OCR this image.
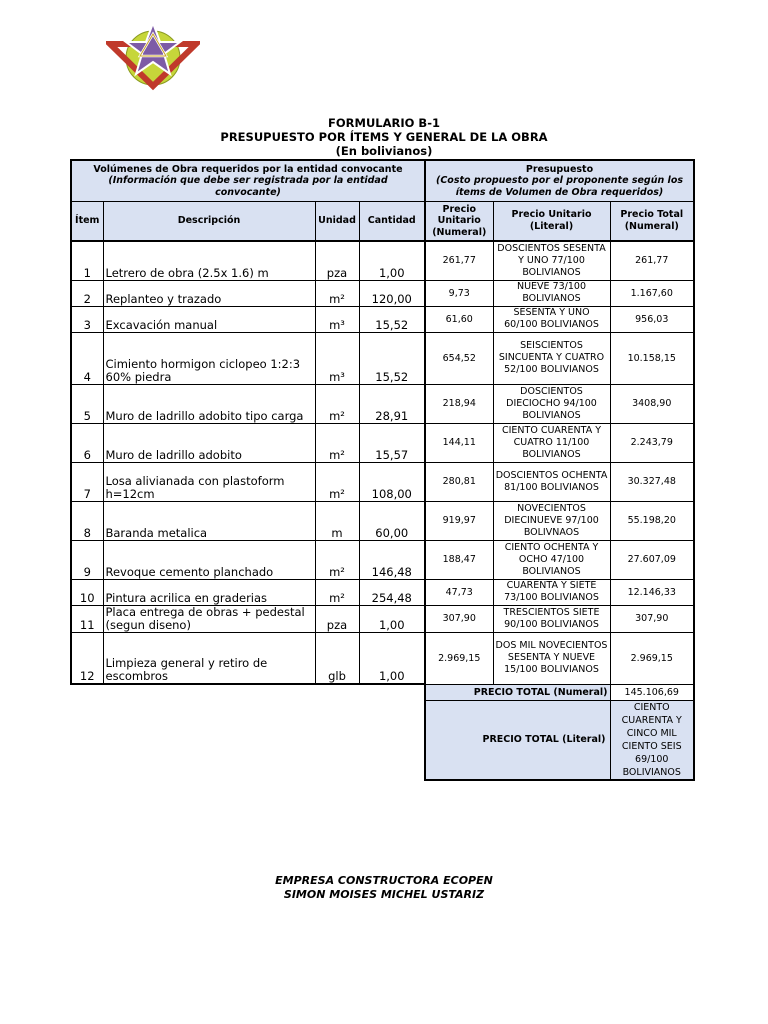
FORMULARIO B-1
PRESUPUESTO POR ÍTEMS Y GENERAL DE LA OBRA
(En bolivianos)
Volúmenes de Obra requeridos por la entidad convocante
(Información que debe ser registrada por la entidad convocante)				Presupuesto
(Costo propuesto por el proponente según los ítems de Volumen de Obra requeridos)		
Ítem	Descripción	Unidad	Cantidad	Precio Unitario (Numeral)	Precio Unitario (Literal)	Precio Total (Numeral)
1	Letrero de obra (2.5x 1.6) m	pza	1,00	261,77	DOSCIENTOS SESENTA Y UNO 77/100 BOLIVIANOS	261,77
2	Replanteo y trazado	m²	120,00	9,73	NUEVE 73/100 BOLIVIANOS	1.167,60
3	Excavación manual	m³	15,52	61,60	SESENTA Y UNO 60/100 BOLIVIANOS	956,03
4	Cimiento hormigon ciclopeo 1:2:3 60% piedra	m³	15,52	654,52	SEISCIENTOS SINCUENTA Y CUATRO 52/100 BOLIVIANOS	10.158,15
5	Muro de ladrillo adobito tipo carga	m²	28,91	218,94	DOSCIENTOS DIECIOCHO 94/100 BOLIVIANOS	3408,90
6	Muro de ladrillo adobito	m²	15,57	144,11	CIENTO CUARENTA Y CUATRO 11/100 BOLIVIANOS	2.243,79
7	Losa alivianada con plastoform h=12cm	m²	108,00	280,81	DOSCIENTOS OCHENTA 81/100 BOLIVIANOS	30.327,48
8	Baranda metalica	m	60,00	919,97	NOVECIENTOS DIECINUEVE 97/100 BOLIVNAOS	55.198,20
9	Revoque cemento planchado	m²	146,48	188,47	CIENTO OCHENTA Y OCHO 47/100 BOLIVIANOS	27.607,09
10	Pintura acrilica en graderias	m²	254,48	47,73	CUARENTA Y SIETE 73/100 BOLIVIANOS	12.146,33
11	Placa entrega de obras + pedestal (segun diseno)	pza	1,00	307,90	TRESCIENTOS SIETE 90/100 BOLIVIANOS	307,90
12	Limpieza general y retiro de escombros	glb	1,00	2.969,15	DOS MIL NOVECIENTOS SESENTA Y NUEVE 15/100 BOLIVIANOS	2.969,15
				PRECIO TOTAL (Numeral)		145.106,69
				PRECIO TOTAL (Literal)		CIENTO CUARENTA Y CINCO MIL CIENTO SEIS 69/100 BOLIVIANOS
EMPRESA CONSTRUCTORA ECOPEN
SIMON MOISES MICHEL USTARIZ
